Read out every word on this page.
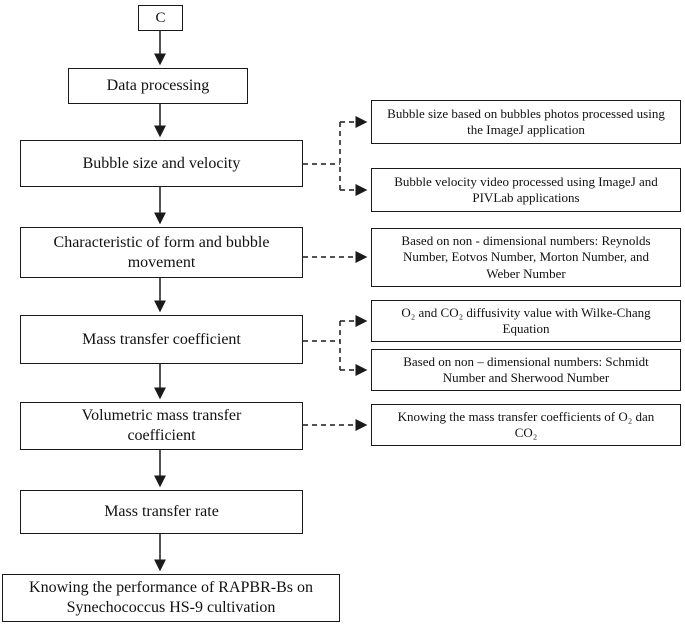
C
Data processing
Bubble size and velocity
Characteristic of form and bubble movement
Mass transfer coefficient
Volumetric mass transfer coefficient
Mass transfer rate
Knowing the performance of RAPBR-Bs on Synechococcus HS-9 cultivation
Bubble size based on bubbles photos processed using the ImageJ application
Bubble velocity video processed using ImageJ and PIVLab applications
Based on non - dimensional numbers: Reynolds Number, Eotvos Number, Morton Number, and Weber Number
O₂ and CO₂ diffusivity value with Wilke-Chang Equation
Based on non – dimensional numbers: Schmidt Number and Sherwood Number
Knowing the mass transfer coefficients of O₂ dan CO₂
